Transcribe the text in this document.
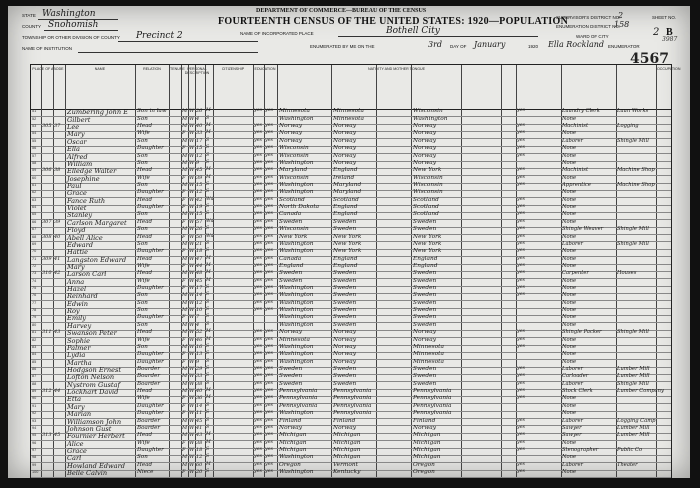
STATE Washington
COUNTY Snohomish
TOWNSHIP OR OTHER DIVISION OF COUNTY Precinct 2
NAME OF INSTITUTION
DEPARTMENT OF COMMERCE—BUREAU OF THE CENSUS
FOURTEENTH CENSUS OF THE UNITED STATES: 1920—POPULATION
NAME OF INCORPORATED PLACE	Bothell City
ENUMERATED BY ME ON THE	3rd DAY OF January	1920 Ella Rockland ENUMERATOR
SUPERVISOR'S DISTRICT NO.
2
ENUMERATION DISTRICT NO.
158
WARD OF CITY
SHEET NO.
2 B
3987
4567
PLACE OF ABODE	NAME	RELATION	TENURE PERSONAL DESCRIPTION
CITIZENSHIP	EDUCATION	NATIVITY AND MOTHER TONGUE	OCCUPATION
51	Zumbering John E	Son in law	M W 26 M	yes yes	Minnesota	Minnesota	Wisconsin	yes	Laundry Clerk	Laun Works
52	Gilbert	Son	M W 4	S	Washington	Minnesota	Washington	None
53	305 37	Lee	Head	M W 40 M	yes yes	Norway	Norway	Norway	yes	Machinist	Logging
54	Mary	Wife	F W 33 M	yes yes	Norway	Norway	Norway	yes	None
55	Oscar	Son	M W 17 S	yes yes	Norway	Norway	Norway	yes	Laborer	Shingle Mill
56	Ella	Daughter	F W 15 S	yes yes	Wisconsin	Norway	Norway	yes	None
57	Alfred	Son	M W 12 S	yes yes	Wisconsin	Norway	Norway	yes	None
58	William	Son	M W 9	S	yes yes	Washington	Norway	Norway	None
59	306 38	Elledge Walter	Head	M W 45 M	yes yes	Maryland	England	New York	yes	Machinist	Machine Shop
60	Josephine	Wife	F W 39 M	yes yes	Wisconsin	Ireland	Wisconsin	yes	None
61	Paul	Son	M W 15 S	yes yes	Washington	Maryland	Wisconsin	yes	Apprentice	Machine Shop
62	Grace	Daughter	F W 12 S	yes yes	Washington	Maryland	Wisconsin	None
63	Fance Ruth	Head	F W 42 Wd	yes yes	Scotland	Scotland	Scotland	yes	None
64	Violet	Daughter	F W 19 S	yes yes	North Dakota	England	Scotland	yes	None
65	Stanley	Son	M W 15 S	yes yes	Canada	England	Scotland	yes	None
66	307 39	Carlson Margaret	Head	F W 57 Wd	yes yes	Sweden	Sweden	Sweden	yes	None
67	Floyd	Son	M W 26 S	yes yes	Wisconsin	Sweden	Sweden	yes	Shingle Weaver	Shingle Mill
68	308 40	Abell Alice	Head	F W 50 Wd	yes yes	New York	New York	New York	yes	None
69	Edward	Son	M W 21 S	yes yes	Washington	New York	New York	yes	Laborer	Shingle Mill
70	Hattie	Daughter	F W 18 S	yes yes	Washington	New York	New York	yes	None
71	309 41	Langston Edward	Head	M W 47 M	yes yes	Canada	England	England	yes	None
72	Mary	Wife	F W 44 M	yes yes	England	England	England	yes	None
73	310 42	Larson Carl	Head	M W 48 M	yes yes	Sweden	Sweden	Sweden	yes	Carpenter	Houses
74	Anna	Wife	F W 45 M	yes yes	Sweden	Sweden	Sweden	yes	None
75	Hazel	Daughter	F W 17 S	yes yes	Washington	Sweden	Sweden	yes	None
76	Reinhard	Son	M W 14 S	yes yes	Washington	Sweden	Sweden	yes	None
77	Edwin	Son	M W 12 S	yes yes	Washington	Sweden	Sweden	None
78	Roy	Son	M W 10 S	yes yes	Washington	Sweden	Sweden	None
79	Emily	Daughter	F W 7	S	Washington	Sweden	Sweden	None
80	Harvey	Son	M W 4	S	Washington	Sweden	Sweden	None
81	311 43	Swanson Peter	Head	M W 52 M	yes yes	Norway	Norway	Norway	yes	Shingle Packer	Shingle Mill
82	Sophie	Wife	F W 46 M	yes yes	Minnesota	Norway	Norway	yes	None
83	Palmer	Son	M W 16 S	yes yes	Washington	Norway	Minnesota	yes	None
84	Lydia	Daughter	F W 13 S	yes yes	Washington	Norway	Minnesota	None
85	Martha	Daughter	F W 9	S	yes yes	Washington	Norway	Minnesota	None
86	Hodgson Ernest	Boarder	M W 29 S	yes yes	Sweden	Sweden	Sweden	yes	Laborer	Lumber Mill
87	Lofton Nelson	Boarder	M W 33 S	yes yes	Sweden	Sweden	Sweden	yes	Carloader	Lumber Mill
88	Nystrom Gustaf	Boarder	M W 38 S	yes yes	Sweden	Sweden	Sweden	yes	Laborer	Shingle Mill
89	312 44	Lockhart David	Head	M W 40 M	yes yes	Pennsylvania	Pennsylvania	Pennsylvania	yes	Stock Clerk	Lumber Company
90	Etta	Wife	F W 36 M	yes yes	Pennsylvania	Pennsylvania	Pennsylvania	yes	None
91	Mary	Daughter	F W 14 S	yes yes	Pennsylvania	Pennsylvania	Pennsylvania	None
92	Marian	Daughter	F W 11 S	yes yes	Washington	Pennsylvania	Pennsylvania	None
93	Williamson John	Boarder	M W 45 S	yes yes	Finland	Finland	Finland	yes	Laborer	Logging Camp
94	Johnson Gust	Boarder	M W 41 S	yes yes	Norway	Norway	Norway	yes	Sawyer	Lumber Mill
95	313 45	Fournier Herbert	Head	M W 43 M	yes yes	Michigan	Michigan	Michigan	yes	Sawyer	Lumber Mill
96	Alice	Wife	F W 38 M	yes yes	Michigan	Michigan	Michigan	yes	None
97	Grace	Daughter	F W 18 S	yes yes	Michigan	Michigan	Michigan	yes	Stenographer	Public Co
98	Carl	Son	M W 12 S	yes yes	Washington	Michigan	Michigan	None
99	Howland Edward	Head	M W 60 M	yes yes	Oregon	Vermont	Oregon	yes	Laborer	Theater
100	Belle Calvin	Niece	F W 20 S	yes yes	Washington	Kentucky	Oregon	yes	None
